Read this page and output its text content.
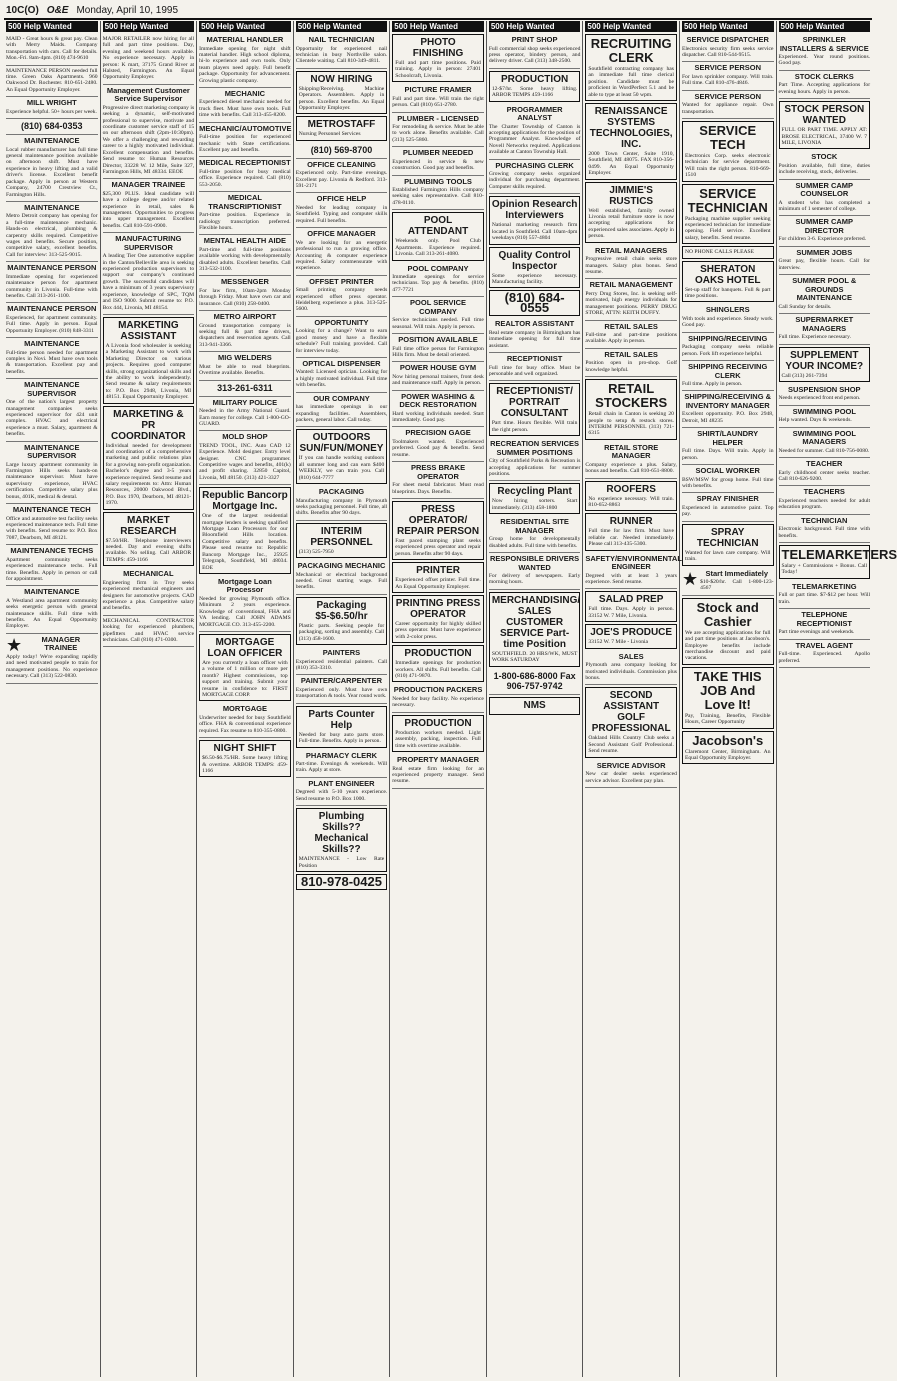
10C(O) O&E Monday, April 10, 1995
500 Help Wanted

MAID - Great hours & great pay. Clean with Merry Maids. Company transportation with cars. Call for details. Mon.-Fri. 8am-4pm. (810) 474-9610

MAINTENANCE PERSON needed full time. Green Oaks Apartments. 960 Oakwood Dr. Rochester. 810-651-2480. An Equal Opportunity Employer.

MILL WRIGHT

Experience helpful. 50+ hours per week.

(810) 684-0353

MAINTENANCE

Local rubber manufacturer has full time general maintenance position available on afternoon shift. Must have experience in heavy lifting and a valid driver's license. Excellent benefit package. Apply in person at Western Company, 24700 Crestview Ct., Farmington Hills.

MAINTENANCE

Metro Detroit company has opening for a full-time maintenance mechanic. Hands-on electrical, plumbing & carpentry skills required. Competitive wages and benefits. Secure position, competitive salary, excellent benefits. Call for interview: 313-525-9015.

MAINTENANCE PERSON

Immediate opening for experienced maintenance person for apartment community in Livonia. Full-time with benefits. Call 313-261-1100.

MAINTENANCE PERSON

Experienced, for apartment community. Full time. Apply in person. Equal Opportunity Employer. (810) 848-3311

MAINTENANCE

Full-time person needed for apartment complex in Novi. Must have own tools & transportation. Excellent pay and benefits.

MAINTENANCE SUPERVISOR

One of the nation's largest property management companies seeks experienced supervisor for 424 unit complex. HVAC and electrical experience a must. Salary, apartment & benefits.

MAINTENANCE SUPERVISOR

Large luxury apartment community in Farmington Hills seeks hands-on maintenance supervisor. Must have supervisory experience, HVAC certification. Competitive salary plus bonus, 401K, medical & dental.

MAINTENANCE TECH

Office and automotive test facility seeks experienced maintenance tech. Full time with benefits. Send resume to: P.O. Box 7087, Dearborn, MI 48121.

MAINTENANCE TECHS

Apartment community seeks experienced maintenance techs. Full time. Benefits. Apply in person or call for appointment.

MAINTENANCE

A Westland area apartment community seeks energetic person with general maintenance skills. Full time with benefits. An Equal Opportunity Employer.

★	MANAGER TRAINEE

Apply today! We're expanding rapidly and need motivated people to train for management positions. No experience necessary. Call (313) 522-0830.

500 Help Wanted

MAJOR RETAILER now hiring for all full and part time positions. Day, evening and weekend hours available. No experience necessary. Apply in person: K mart, 37175 Grand River at Halsted, Farmington. An Equal Opportunity Employer.

Management Customer Service Supervisor

Progressive direct marketing company is seeking a dynamic, self-motivated professional to supervise, motivate and coordinate customer service staff of 15 on our afternoon shift (2pm-10:30pm). We offer a challenging and rewarding career to a highly motivated individual. Excellent compensation and benefits. Send resume to: Human Resources Director, 33228 W. 12 Mile, Suite 327, Farmington Hills, MI 48334. EEOE

MANAGER TRAINEE

$25,300 PLUS. Ideal candidate will have a college degree and/or related experience in retail, sales & management. Opportunities to progress into upper management. Excellent benefits. Call 810-591-0900.

MANUFACTURING SUPERVISOR

A leading Tier One automotive supplier in the Canton/Belleville area is seeking experienced production supervisors to support our company's continued growth. The successful candidates will have a minimum of 3 years supervisory experience, knowledge of SPC, TQM and ISO 9000. Submit resume to: P.O. Box 444, Livonia, MI 48154.

MARKETING ASSISTANT

A Livonia food wholesaler is seeking a Marketing Assistant to work with Marketing Director on various projects. Requires good computer skills, strong organizational skills and the ability to work independently. Send resume & salary requirements to: P.O. Box 2948, Livonia, MI 48151. Equal Opportunity Employer.

MARKETING & PR COORDINATOR

Individual needed for development and coordination of a comprehensive marketing and public relations plan for a growing non-profit organization. Bachelor's degree and 3-5 years experience required. Send resume and salary requirements to: Attn: Human Resources, 20000 Oakwood Blvd., P.O. Box 1970, Dearborn, MI 48121-1970.

MARKET RESEARCH

$7.50/HR. Telephone interviewers needed. Day and evening shifts available. No selling. Call ARBOR TEMPS: 459-1166

MECHANICAL

Engineering firm in Troy seeks experienced mechanical engineers and designers for automotive projects. CAD experience a plus. Competitive salary and benefits.

MECHANICAL CONTRACTOR looking for experienced plumbers, pipefitters and HVAC service technicians. Call (810) 471-0300.

500 Help Wanted
MATERIAL HANDLER

Immediate opening for night shift material handler. High school diploma, hi-lo experience and own tools. Only team players need apply. Full benefit package. Opportunity for advancement. Growing plastic company.

MECHANIC

Experienced diesel mechanic needed for truck fleet. Must have own tools. Full time with benefits. Call 313-455-8200.

MECHANIC/AUTOMOTIVE

Full-time position for experienced mechanic with State certifications. Excellent pay and benefits.

MEDICAL RECEPTIONIST

Full-time position for busy medical office. Experience required. Call (810) 553-2050.

MEDICAL TRANSCRIPTIONIST

Part-time position. Experience in radiology transcription preferred. Flexible hours.

MENTAL HEALTH AIDE

Part-time and full-time positions available working with developmentally disabled adults. Excellent benefits. Call 313-532-1100.

MESSENGER

For law firm, 10am-2pm Monday through Friday. Must have own car and insurance. Call (810) 258-0400.

METRO AIRPORT

Ground transportation company is seeking full & part time drivers, dispatchers and reservation agents. Call 313-941-3366.

MIG WELDERS

Must be able to read blueprints. Overtime available. Benefits.

313-261-6311

MILITARY POLICE

Needed in the Army National Guard. Earn money for college. Call 1-800-GO-GUARD.

MOLD SHOP

TREND TOOL, INC. Auto CAD 12 Experience. Mold designer. Entry level designer. CNC programmer. Competitive wages and benefits, 401(k) and profit sharing. 32850 Capitol, Livonia, MI 48150. (313) 421-3327

Republic Bancorp Mortgage Inc.

One of the largest residential mortgage lenders is seeking qualified Mortgage Loan Processors for our Bloomfield Hills location. Competitive salary and benefits. Please send resume to: Republic Bancorp Mortgage Inc., 25925 Telegraph, Southfield, MI 48034. EOE

Mortgage Loan Processor

Needed for growing Plymouth office. Minimum 2 years experience. Knowledge of conventional, FHA and VA lending. Call JOHN ADAMS MORTGAGE CO. 313-455-2200.

MORTGAGE LOAN OFFICER

Are you currently a loan officer with a volume of 1 million or more per month? Highest commissions, top support and training. Submit your resume in confidence to: FIRST MORTGAGE CORP.

MORTGAGE

Underwriter needed for busy Southfield office. FHA & conventional experience required. Fax resume to 810-355-0800.

NIGHT SHIFT

$6.50-$6.75/HR. Some heavy lifting & overtime. ARBOR TEMPS: 459-1166

500 Help Wanted
NAIL TECHNICIAN

Opportunity for experienced nail technician in busy Northville salon. Clientele waiting. Call 810-349-4811.

NOW HIRING

Shipping/Receiving. Machine Operators. Assemblers. Apply in person. Excellent benefits. An Equal Opportunity Employer.

METROSTAFF

Nursing Personnel Services

(810) 569-8700

OFFICE CLEANING

Experienced only. Part-time evenings. Excellent pay. Livonia & Redford. 313-591-2171

OFFICE HELP

Needed for leading company in Southfield. Typing and computer skills required. Full benefits.

OFFICE MANAGER

We are looking for an energetic professional to run a growing office. Accounting & computer experience required. Salary commensurate with experience.

OFFSET PRINTER

Small printing company needs experienced offset press operator. Heidelberg experience a plus. 313-525-5600.

OPPORTUNITY

Looking for a change? Want to earn good money and have a flexible schedule? Full training provided. Call for interview today.

OPTICAL DISPENSER

Wanted: Licensed optician. Looking for a highly motivated individual. Full time with benefits.

OUR COMPANY

has immediate openings in our expanding facilities. Assemblers, packers, general labor. Call today.

OUTDOORS SUN/FUN/MONEY

If you can handle working outdoors all summer long and can earn $400 WEEKLY, we can train you. Call (810) 644-7777

PACKAGING

Manufacturing company in Plymouth seeks packaging personnel. Full time, all shifts. Benefits after 90 days.

INTERIM PERSONNEL

(313) 525-7950

PACKAGING MECHANIC

Mechanical or electrical background needed. Great starting wage. Full benefits.

Packaging $5-$6.50/hr

Plastic parts. Seeking people for packaging, sorting and assembly. Call (313) 458-1600.

PAINTERS

Experienced residential painters. Call (810) 353-3310.

PAINTER/CARPENTER

Experienced only. Must have own transportation & tools. Year round work.

Parts Counter Help

Needed for busy auto parts store. Full-time. Benefits. Apply in person.

PHARMACY CLERK

Part-time. Evenings & weekends. Will train. Apply at store.

PLANT ENGINEER

Degreed with 5-10 years experience. Send resume to P.O. Box 1000.

Plumbing Skills?? Mechanical Skills??

MAINTENANCE - Low Rate Position

810-978-0425

500 Help Wanted
PHOTO FINISHING

Full and part time positions. Paid training. Apply in person: 27401 Schoolcraft, Livonia.

PICTURE FRAMER

Full and part time. Will train the right person. Call (810) 651-2780.

PLUMBER - LICENSED

For remodeling & service. Must be able to work alone. Benefits available. Call (313) 525-5860.

PLUMBER NEEDED

Experienced in service & new construction. Good pay and benefits.

PLUMBING TOOLS

Established Farmington Hills company seeking sales representative. Call 810-478-0110.

POOL ATTENDANT

Weekends only. Pool Club Apartments. Experience required. Livonia. Call 313-261-4080.

POOL COMPANY

Immediate openings for service technicians. Top pay & benefits. (810) 477-7721

POOL SERVICE COMPANY

Service technicians needed. Full time seasonal. Will train. Apply in person.

POSITION AVAILABLE

Full time office person for Farmington Hills firm. Must be detail oriented.

POWER HOUSE GYM

Now hiring personal trainers, front desk and maintenance staff. Apply in person.

POWER WASHING & DECK RESTORATION

Hard working individuals needed. Start immediately. Good pay.

PRECISION GAGE

Toolmakers wanted. Experienced preferred. Good pay & benefits. Send resume.

PRESS BRAKE OPERATOR

For sheet metal fabricator. Must read blueprints. Days. Benefits.

PRESS OPERATOR/ REPAIR PERSON

Fast paced stamping plant seeks experienced press operator and repair person. Benefits after 90 days.

PRINTER

Experienced offset printer. Full time. An Equal Opportunity Employer.

PRINTING PRESS OPERATOR

Career opportunity for highly skilled press operator. Must have experience with 2-color press.

PRODUCTION

Immediate openings for production workers. All shifts. Full benefits. Call (810) 471-9870.

PRODUCTION PACKERS

Needed for busy facility. No experience necessary.

PRODUCTION

Production workers needed. Light assembly, packing, inspection. Full time with overtime available.

PROPERTY MANAGER

Real estate firm looking for an experienced property manager. Send resume.

500 Help Wanted
PRINT SHOP

Full commercial shop seeks experienced press operator, bindery person, and delivery driver. Call (313) 348-2500.

PRODUCTION

12-$7/hr. Some heavy lifting. ARBOR TEMPS 459-1166

PROGRAMMER ANALYST

The Charter Township of Canton is accepting applications for the position of Programmer Analyst. Knowledge of Novell Networks required. Applications available at Canton Township Hall.

PURCHASING CLERK

Growing company seeks organized individual for purchasing department. Computer skills required.

Opinion Research Interviewers

National marketing research firm located in Southfield. Call 10am-4pm weekdays (810) 557-4804

Quality Control Inspector

Some experience necessary. Manufacturing facility.

(810) 684-0555

REALTOR ASSISTANT

Real estate company in Birmingham has immediate opening for full time assistant.

RECEPTIONIST

Full time for busy office. Must be personable and well organized.

RECEPTIONIST/ PORTRAIT CONSULTANT

Part time. Hours flexible. Will train the right person.

RECREATION SERVICES SUMMER POSITIONS

City of Southfield Parks & Recreation is accepting applications for summer positions.

Recycling Plant

Now hiring sorters. Start immediately. (313) 458-1800

RESIDENTIAL SITE MANAGER

Group home for developmentally disabled adults. Full time with benefits.

RESPONSIBLE DRIVERS WANTED

For delivery of newspapers. Early morning hours.

MERCHANDISING/ SALES CUSTOMER SERVICE Part-time Position

SOUTHFIELD. 20 HRS/WK, MUST WORK SATURDAY

1-800-686-8000 Fax 906-757-9742

NMS
500 Help Wanted
RECRUITING CLERK

Southfield contracting company has an immediate full time clerical position. Candidate must be proficient in WordPerfect 5.1 and be able to type at least 50 wpm.

RENAISSANCE SYSTEMS TECHNOLOGIES, INC.

2000 Town Center, Suite 1910, Southfield, MI 48075. FAX 810-356-0499. An Equal Opportunity Employer.

JIMMIE'S RUSTICS

Well established, family owned Livonia retail furniture store is now accepting applications for experienced sales associates. Apply in person.

RETAIL MANAGERS

Progressive retail chain seeks store managers. Salary plus bonus. Send resume.

RETAIL MANAGEMENT

Perry Drug Stores, Inc. is seeking self-motivated, high energy individuals for management positions. PERRY DRUG STORE, ATTN: KEITH DUFFY.

RETAIL SALES

Full-time and part-time positions available. Apply in person.

RETAIL SALES

Position open in pro-shop. Golf knowledge helpful.

RETAIL STOCKERS

Retail chain in Canton is seeking 20 people to setup & restock stores. INTERIM PERSONNEL (313) 721-6315

RETAIL STORE MANAGER

Company experience a plus. Salary, bonus and benefits. Call 810-651-8800.

ROOFERS

No experience necessary. Will train. 810-652-8863

RUNNER

Full time for law firm. Must have reliable car. Needed immediately. Please call 313-435-5300.

SAFETY/ENVIRONMENTAL ENGINEER

Degreed with at least 3 years experience. Send resume.

SALAD PREP

Full time. Days. Apply in person. 33152 W. 7 Mile, Livonia.

JOE'S PRODUCE

33152 W. 7 Mile - Livonia

SALES

Plymouth area company looking for motivated individuals. Commission plus bonus.

SECOND ASSISTANT GOLF PROFESSIONAL

Oakland Hills Country Club seeks a Second Assistant Golf Professional. Send resume.

SERVICE ADVISOR

New car dealer seeks experienced service advisor. Excellent pay plan.

500 Help Wanted
SERVICE DISPATCHER

Electronics security firm seeks service dispatcher. Call 810-544-9515.

SERVICE PERSON

For lawn sprinkler company. Will train. Full time. Call 810-476-4846.

SERVICE PERSON

Wanted for appliance repair. Own transportation.

SERVICE TECH

Electronics Corp. seeks electronic technician for service department. Will train the right person. 810-669-1510

SERVICE TECHNICIAN

Packaging machine supplier seeking experienced technician for immediate opening. Field service. Excellent salary, benefits. Send resume.

NO PHONE CALLS PLEASE

SHERATON OAKS HOTEL

Set-up staff for banquets. Full & part time positions.

SHINGLERS

With tools and experience. Steady work. Good pay.

SHIPPING/RECEIVING

Packaging company seeks reliable person. Fork lift experience helpful.

SHIPPING RECEIVING CLERK

Full time. Apply in person.

SHIPPING/RECEIVING & INVENTORY MANAGER

Excellent opportunity. P.O. Box 2948, Detroit, MI 48235

SHIRT/LAUNDRY HELPER

Full time. Days. Will train. Apply in person.

SOCIAL WORKER

BSW/MSW for group home. Full time with benefits.

SPRAY FINISHER

Experienced in automotive paint. Top pay.

SPRAY TECHNICIAN

Wanted for lawn care company. Will train.

★ Start Immediately

$10-$20/hr. Call 1-800-123-4567

Stock and Cashier

We are accepting applications for full and part time positions at Jacobson's. Employee benefits include merchandise discount and paid vacations.

TAKE THIS JOB And Love It!

Pay, Training, Benefits, Flexible Hours, Career Opportunity

Jacobson's

Claremont Center, Birmingham. An Equal Opportunity Employer.

500 Help Wanted
SPRINKLER INSTALLERS & SERVICE

Experienced. Year round positions. Good pay.

STOCK CLERKS

Part Time. Accepting applications for evening hours. Apply in person.

STOCK PERSON WANTED

FULL OR PART TIME. APPLY AT: BROSE ELECTRICAL, 37400 W. 7 MILE, LIVONIA

STOCK

Position available, full time, duties include receiving, stock, deliveries.

SUMMER CAMP COUNSELOR

A student who has completed a minimum of 1 semester of college.

SUMMER CAMP DIRECTOR

For children 3-6. Experience preferred.

SUMMER JOBS

Great pay, flexible hours. Call for interview.

SUMMER POOL & GROUNDS MAINTENANCE

Call Sunday for details.

SUPERMARKET MANAGERS

Full time. Experience necessary.

SUPPLEMENT YOUR INCOME?

Call (313) 261-7394

SUSPENSION SHOP

Needs experienced front end person.

SWIMMING POOL

Help wanted. Days & weekends.

SWIMMING POOL MANAGERS

Needed for summer. Call 810-756-0080.

TEACHER

Early childhood center seeks teacher. Call 810-626-9200.

TEACHERS

Experienced teachers needed for adult education program.

TECHNICIAN

Electronic background. Full time with benefits.

TELEMARKETERS

Salary + Commissions + Bonus. Call Today!

TELEMARKETING

Full or part time. $7-$12 per hour. Will train.

TELEPHONE RECEPTIONIST

Part time evenings and weekends.

TRAVEL AGENT

Full-time. Experienced. Apollo preferred.
